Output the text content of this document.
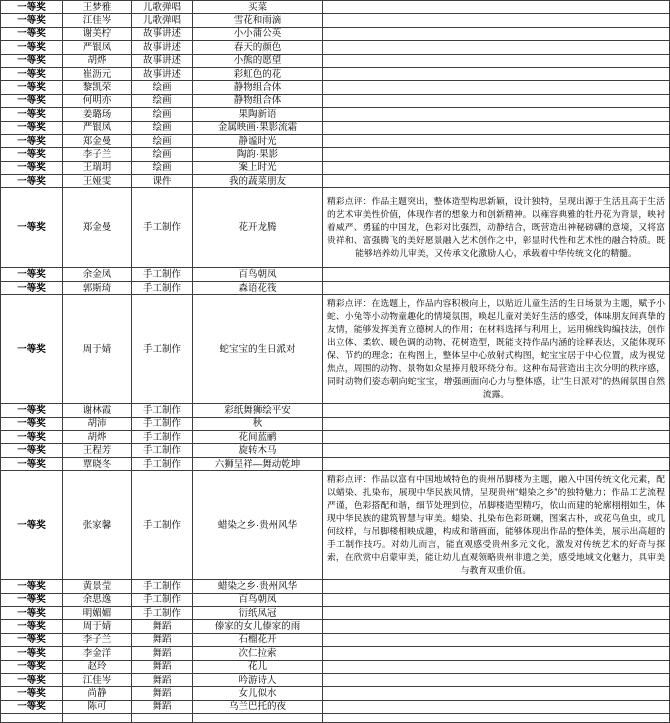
一等奖	王梦雅	儿歌弹唱	买菜	
一等奖	江佳岑	儿歌弹唱	雪花和雨滴	
一等奖	谢美柠	故事讲述	小小蒲公英	
一等奖	严银凤	故事讲述	春天的颜色	
一等奖	胡烨	故事讲述	小熊的愿望	
一等奖	崔沥元	故事讲述	彩虹色的花	
一等奖	黎凯荣	绘画	静物组合体	
一等奖	何明亦	绘画	静物组合体	
一等奖	姜璐玚	绘画	果陶新语	
一等奖	严银凤	绘画	金属映画·果影流霜	
一等奖	郑金曼	绘画	静谧时光	
一等奖	李子兰	绘画	陶韵·果影	
一等奖	王瑞玥	绘画	案上时光	
一等奖	王娅雯	课件	我的蔬菜朋友	
一等奖	郑金曼	手工制作	花开龙腾	精彩点评：作品主题突出，整体造型构思新颖，设计独特，呈现出源于生活且高于生活的艺术审美性价值，体现作者的想象力和创新精神。以雍容典雅的牡丹花为背景，映衬着威严、勇猛的中国龙，色彩对比强烈，动静结合，既营造出神秘磅礴的意境，又将富贵祥和、富强腾飞的美好愿景融入艺术创作之中，彰显时代性和艺术性的融合特质。既能够培养幼儿审美，又传承文化激励人心，承载着中华传统文化的精髓。
一等奖	余金凤	手工制作	百鸟朝凤	
一等奖	郭斯琦	手工制作	森语花筏	
一等奖	周于婧	手工制作	蛇宝宝的生日派对	精彩点评：在选题上，作品内容积极向上，以贴近儿童生活的生日场景为主题，赋予小蛇、小兔等小动物童趣化的情境氛围，唤起儿童对美好生活的感受，体味朋友间真挚的友情，能够发挥美育立德树人的作用；在材料选择与利用上，运用棉线钩编技法，创作出立体、柔软、暖色调的动物、花树造型，既能支持作品内涵的诠释表达，又能体现环保、节约的理念；在构图上，整体呈中心放射式构图，蛇宝宝居于中心位置，成为视觉焦点，周围的动物、景物如众星捧月般环绕分布。这种布局营造出主次分明的秩序感，同时动物们姿态朝向蛇宝宝，增强画面向心力与整体感，让“生日派对”的热闹氛围自然流露。
一等奖	谢林霞	手工制作	彩纸舞狮绘平安	
一等奖	胡沛	手工制作	秋	
一等奖	胡烨	手工制作	花间蓝鹂	
一等奖	王程芳	手工制作	旋转木马	
一等奖	覃晓冬	手工制作	六狮呈祥—舞动乾坤	
一等奖	张家馨	手工制作	蜡染之乡·贵州风华	精彩点评：作品以富有中国地域特色的贵州吊脚楼为主题，融入中国传统文化元素，配以蜡染、扎染布，展现中华民族风情，呈现贵州“蜡染之乡”的独特魅力；作品工艺流程严谨，色彩搭配和谐，细节处理到位，吊脚楼造型精巧，依山而建的轮廓栩栩如生，体现中华民族的建筑智慧与审美。蜡染、扎染布色彩斑斓，图案古朴，或花鸟鱼虫，或几何纹样，与吊脚楼相映成趣，构成和谐画面，能够体现出作品的整体美，展示出高超的手工制作技巧。对幼儿而言，能直观感受贵州多元文化，激发对传统艺术的好奇与探索，在欣赏中启蒙审美，能让幼儿直观领略贵州非遗之美，感受地域文化魅力，具审美与教育双重价值。
一等奖	黄景莹	手工制作	蜡染之乡·贵州风华	
一等奖	余思逸	手工制作	百鸟朝凤	
一等奖	明媚媚	手工制作	衍纸凤冠	
一等奖	周于婧	舞蹈	傣家的女儿傣家的雨	
一等奖	李子兰	舞蹈	石榴花开	
一等奖	李金洋	舞蹈	次仁拉索	
一等奖	赵玲	舞蹈	花儿	
一等奖	江佳岑	舞蹈	吟游诗人	
一等奖	尚静	舞蹈	女儿似水	
一等奖	陈可	舞蹈	乌兰巴托的夜	
